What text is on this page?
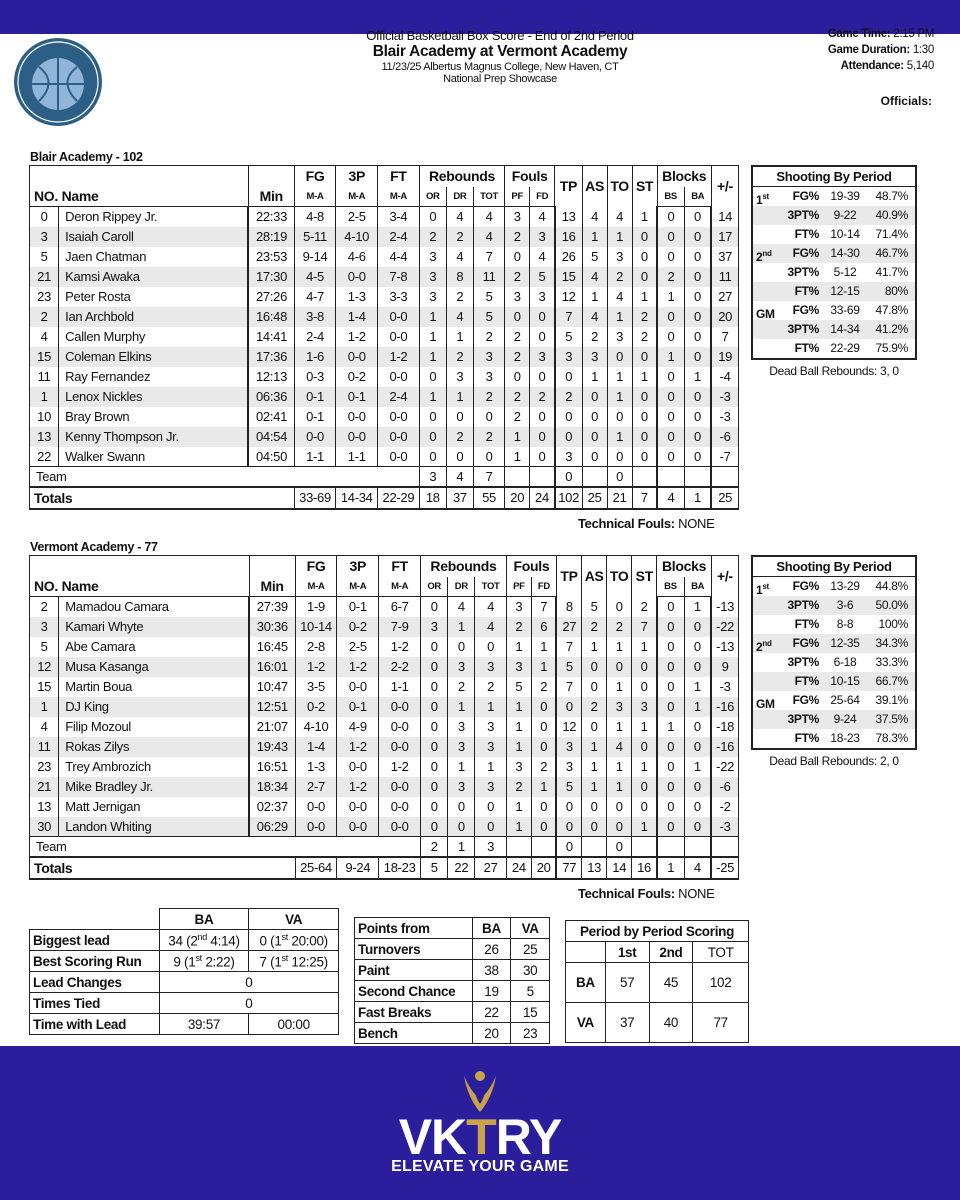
Official Basketball Box Score - End of 2nd Period
Blair Academy at Vermont Academy
11/23/25 Albertus Magnus College, New Haven, CT
National Prep Showcase
Game Time: 2:15 PM
Game Duration: 1:30
Attendance: 5,140
Officials:
Blair Academy - 102
			FG	3P	FT	Rebounds			Fouls		TP	AS	TO	ST	Blocks		+/-
NO. Name		Min	M-A	M-A	M-A	OR	DR	TOT	PF	FD					BS	BA	
0	Deron Rippey Jr.	22:33	4-8	2-5	3-4	0	4	4	3	4	13	4	4	1	0	0	14
3	Isaiah Caroll	28:19	5-11	4-10	2-4	2	2	4	2	3	16	1	1	0	0	0	17
5	Jaen Chatman	23:53	9-14	4-6	4-4	3	4	7	0	4	26	5	3	0	0	0	37
21	Kamsi Awaka	17:30	4-5	0-0	7-8	3	8	11	2	5	15	4	2	0	2	0	11
23	Peter Rosta	27:26	4-7	1-3	3-3	3	2	5	3	3	12	1	4	1	1	0	27
2	Ian Archbold	16:48	3-8	1-4	0-0	1	4	5	0	0	7	4	1	2	0	0	20
4	Callen Murphy	14:41	2-4	1-2	0-0	1	1	2	2	0	5	2	3	2	0	0	7
15	Coleman Elkins	17:36	1-6	0-0	1-2	1	2	3	2	3	3	3	0	0	1	0	19
11	Ray Fernandez	12:13	0-3	0-2	0-0	0	3	3	0	0	0	1	1	1	0	1	-4
1	Lenox Nickles	06:36	0-1	0-1	2-4	1	1	2	2	2	2	0	1	0	0	0	-3
10	Bray Brown	02:41	0-1	0-0	0-0	0	0	0	2	0	0	0	0	0	0	0	-3
13	Kenny Thompson Jr.	04:54	0-0	0-0	0-0	0	2	2	1	0	0	0	1	0	0	0	-6
22	Walker Swann	04:50	1-1	1-1	0-0	0	0	0	1	0	3	0	0	0	0	0	-7
Team						3	4	7			0		0				
Totals			33-69	14-34	22-29	18	37	55	20	24	102	25	21	7	4	1	25
Technical Fouls: NONE
Shooting By Period
1st	FG% 19-39	48.7%
3PT%	9-22	40.9%
FT% 10-14	71.4%
2nd	FG% 14-30	46.7%
3PT%	5-12	41.7%
FT% 12-15	80%
GM	FG% 33-69	47.8%
3PT% 14-34	41.2%
FT% 22-29	75.9%
Dead Ball Rebounds: 3, 0
Vermont Academy - 77
			FG	3P	FT	Rebounds			Fouls		TP	AS	TO	ST	Blocks		+/-
NO. Name		Min	M-A	M-A	M-A	OR	DR	TOT	PF	FD					BS	BA	
2	Mamadou Camara	27:39	1-9	0-1	6-7	0	4	4	3	7	8	5	0	2	0	1	-13
3	Kamari Whyte	30:36	10-14	0-2	7-9	3	1	4	2	6	27	2	2	7	0	0	-22
5	Abe Camara	16:45	2-8	2-5	1-2	0	0	0	1	1	7	1	1	1	0	0	-13
12	Musa Kasanga	16:01	1-2	1-2	2-2	0	3	3	3	1	5	0	0	0	0	0	9
15	Martin Boua	10:47	3-5	0-0	1-1	0	2	2	5	2	7	0	1	0	0	1	-3
1	DJ King	12:51	0-2	0-1	0-0	0	1	1	1	0	0	2	3	3	0	1	-16
4	Filip Mozoul	21:07	4-10	4-9	0-0	0	3	3	1	0	12	0	1	1	1	0	-18
11	Rokas Zilys	19:43	1-4	1-2	0-0	0	3	3	1	0	3	1	4	0	0	0	-16
23	Trey Ambrozich	16:51	1-3	0-0	1-2	0	1	1	3	2	3	1	1	1	0	1	-22
21	Mike Bradley Jr.	18:34	2-7	1-2	0-0	0	3	3	2	1	5	1	1	0	0	0	-6
13	Matt Jernigan	02:37	0-0	0-0	0-0	0	0	0	1	0	0	0	0	0	0	0	-2
30	Landon Whiting	06:29	0-0	0-0	0-0	0	0	0	1	0	0	0	0	1	0	0	-3
Team						2	1	3			0		0				
Totals			25-64	9-24	18-23	5	22	27	24	20	77	13	14	16	1	4	-25
Technical Fouls: NONE
Shooting By Period
1st	FG% 13-29	44.8%
3PT%	3-6	50.0%
FT%	8-8	100%
2nd	FG% 12-35	34.3%
3PT%	6-18	33.3%
FT% 10-15	66.7%
GM	FG% 25-64	39.1%
3PT%	9-24	37.5%
FT% 18-23	78.3%
Dead Ball Rebounds: 2, 0
	BA	VA
Biggest lead	34 (2nd 4:14)	0 (1st 20:00)
Best Scoring Run	9 (1st 2:22)	7 (1st 12:25)
Lead Changes	0	
Times Tied	0	
Time with Lead	39:57	00:00
Points from	BA	VA
Turnovers	26	25
Paint	38	30
Second Chance	19	5
Fast Breaks	22	15
Bench	20	23
Period by Period Scoring			
	1st	2nd	TOT
BA	57	45	102
VA	37	40	77
VKTRY
ELEVATE YOUR GAME
